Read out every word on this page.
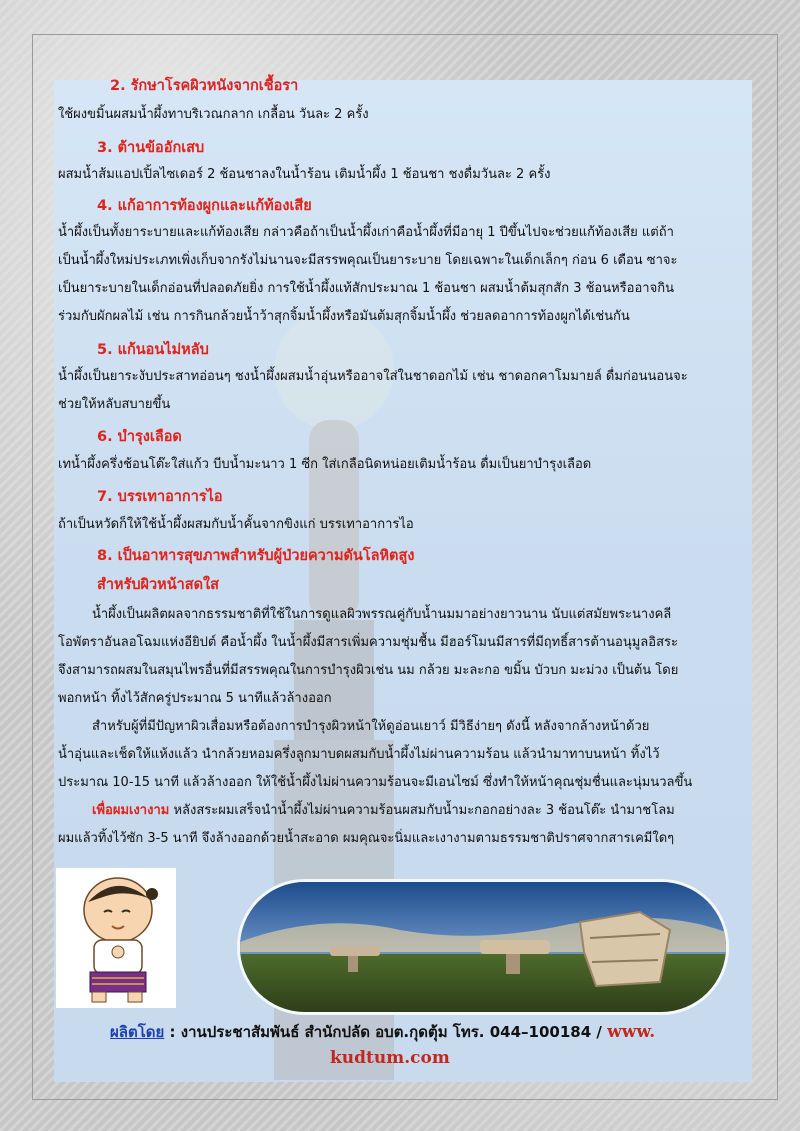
2. รักษาโรคผิวหนังจากเชื้อรา
ใช้ผงขมิ้นผสมน้ำผึ้งทาบริเวณกลาก เกลื้อน วันละ 2 ครั้ง
3. ต้านข้ออักเสบ
ผสมน้ำส้มแอปเปิ้ลไซเดอร์ 2 ช้อนชาลงในน้ำร้อน เติมน้ำผึ้ง 1 ช้อนชา ชงดื่มวันละ 2 ครั้ง
4. แก้อาการท้องผูกและแก้ท้องเสีย
น้ำผึ้งเป็นทั้งยาระบายและแก้ท้องเสีย กล่าวคือถ้าเป็นน้ำผึ้งเก่าคือน้ำผึ้งที่มีอายุ 1 ปีขึ้นไปจะช่วยแก้ท้องเสีย แต่ถ้า
เป็นน้ำผึ้งใหม่ประเภทเพิ่งเก็บจากรังไม่นานจะมีสรรพคุณเป็นยาระบาย โดยเฉพาะในเด็กเล็กๆ ก่อน 6 เดือน ซาจะ
เป็นยาระบายในเด็กอ่อนที่ปลอดภัยยิ่ง การใช้น้ำผึ้งแท้สักประมาณ 1 ช้อนชา ผสมน้ำต้มสุกสัก 3 ช้อนหรืออาจกิน
ร่วมกับผักผลไม้ เช่น การกินกล้วยน้ำว้าสุกจิ้มน้ำผึ้งหรือมันต้มสุกจิ้มน้ำผึ้ง ช่วยลดอาการท้องผูกได้เช่นกัน
5. แก้นอนไม่หลับ
น้ำผึ้งเป็นยาระงับประสาทอ่อนๆ ชงน้ำผึ้งผสมน้ำอุ่นหรืออาจใส่ในชาดอกไม้ เช่น ชาดอกคาโมมายล์ ดื่มก่อนนอนจะ
ช่วยให้หลับสบายขึ้น
6. บำรุงเลือด
เทน้ำผึ้งครึ่งช้อนโต๊ะใส่แก้ว บีบน้ำมะนาว 1 ซีก ใส่เกลือนิดหน่อยเติมน้ำร้อน ดื่มเป็นยาบำรุงเลือด
7. บรรเทาอาการไอ
ถ้าเป็นหวัดก็ให้ใช้น้ำผึ้งผสมกับน้ำคั้นจากขิงแก่ บรรเทาอาการไอ
8. เป็นอาหารสุขภาพสำหรับผู้ป่วยความดันโลหิตสูง
สำหรับผิวหน้าสดใส
น้ำผึ้งเป็นผลิตผลจากธรรมชาติที่ใช้ในการดูแลผิวพรรณคู่กับน้ำนมมาอย่างยาวนาน นับแต่สมัยพระนางคลี
โอพัตราอันลอโฉมแห่งอียิปต์ คือน้ำผึ้ง ในน้ำผึ้งมีสารเพิ่มความชุ่มชื้น มีฮอร์โมนมีสารที่มีฤทธิ์สารต้านอนุมูลอิสระ
จึงสามารถผสมในสมุนไพรอื่นที่มีสรรพคุณในการบำรุงผิวเช่น นม กล้วย มะละกอ ขมิ้น บัวบก มะม่วง เป็นต้น โดย
พอกหน้า ทิ้งไว้สักครู่ประมาณ 5 นาทีแล้วล้างออก
สำหรับผู้ที่มีปัญหาผิวเสื่อมหรือต้องการบำรุงผิวหน้าให้ดูอ่อนเยาว์ มีวิธีง่ายๆ ดังนี้ หลังจากล้างหน้าด้วย
น้ำอุ่นและเช็ดให้แห้งแล้ว นำกล้วยหอมครึ่งลูกมาบดผสมกับน้ำผึ้งไม่ผ่านความร้อน แล้วนำมาทาบนหน้า ทิ้งไว้
ประมาณ 10-15 นาที แล้วล้างออก ให้ใช้น้ำผึ้งไม่ผ่านความร้อนจะมีเอนไซม์ ซึ่งทำให้หน้าคุณชุ่มชื่นและนุ่มนวลขึ้น
เพื่อผมเงางาม หลังสระผมเสร็จนำน้ำผึ้งไม่ผ่านความร้อนผสมกับน้ำมะกอกอย่างละ 3 ช้อนโต๊ะ นำมาชโลม
ผมแล้วทิ้งไว้ซัก 3-5 นาที จึงล้างออกด้วยน้ำสะอาด ผมคุณจะนิ่มและเงางามตามธรรมชาติปราศจากสารเคมีใดๆ
ผลิตโดย : งานประชาสัมพันธ์ สำนักปลัด อบต.กุดตุ้ม โทร. 044–100184 / www.
kudtum.com
